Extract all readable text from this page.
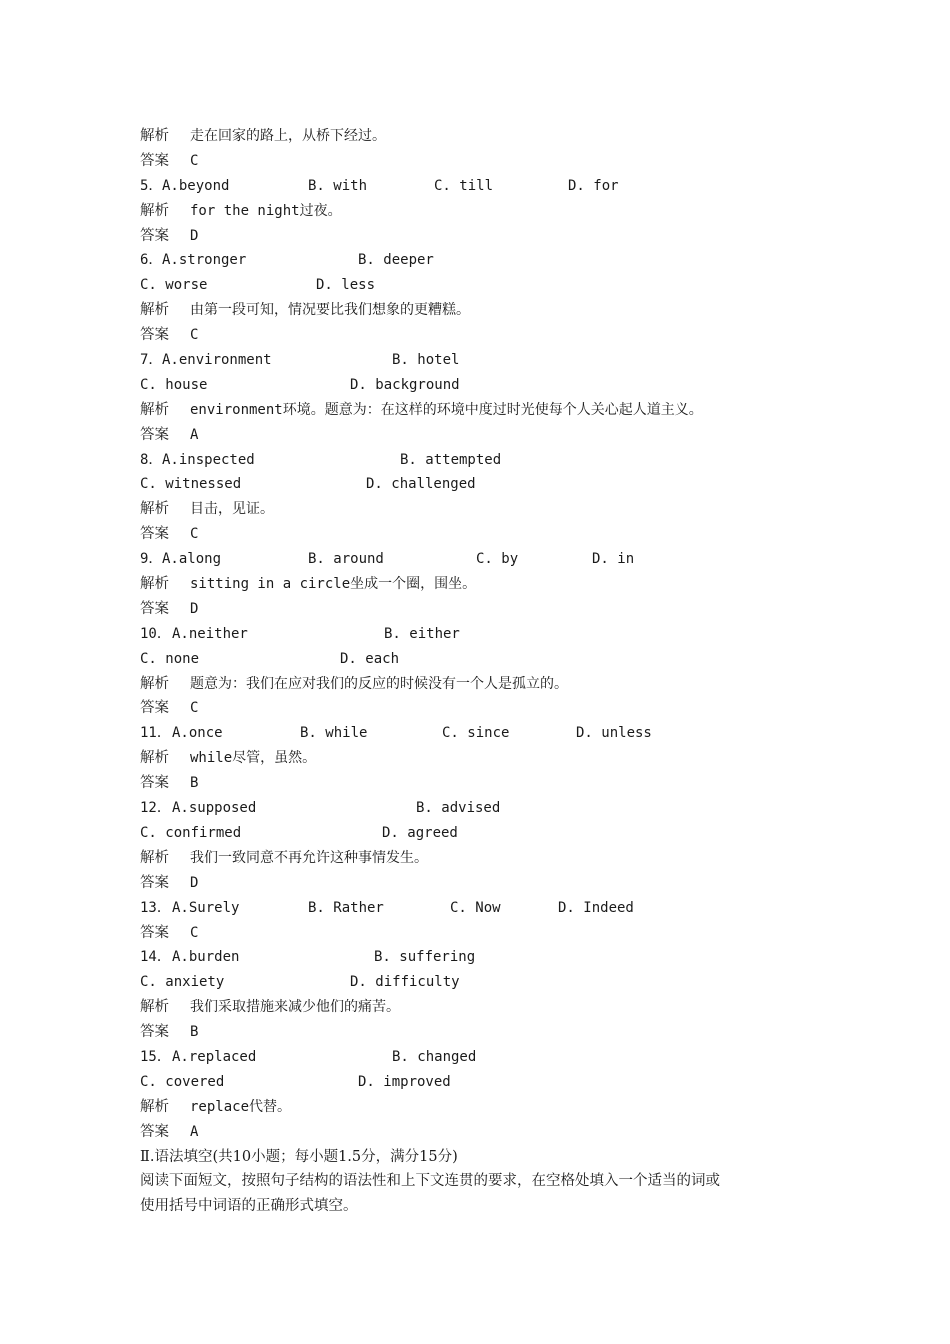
解析 走在回家的路上，从桥下经过。
答案 C
5． A.beyond	B. with	C. till	D. for
解析 for the night过夜。
答案 D
6． A.stronger	B. deeper
C. worse	D. less
解析 由第一段可知，情况要比我们想象的更糟糕。
答案 C
7． A.environment	B. hotel
C. house	D. background
解析 environment环境。题意为：在这样的环境中度过时光使每个人关心起人道主义。
答案 A
8． A.inspected	B. attempted
C. witnessed	D. challenged
解析 目击，见证。
答案 C
9． A.along	B. around	C. by	D. in
解析 sitting in a circle坐成一个圈，围坐。
答案 D
10． A.neither	B. either
C. none	D. each
解析 题意为：我们在应对我们的反应的时候没有一个人是孤立的。
答案 C
11． A.once	B. while	C. since	D. unless
解析 while尽管，虽然。
答案 B
12． A.supposed	B. advised
C. confirmed	D. agreed
解析 我们一致同意不再允许这种事情发生。
答案 D
13． A.Surely	B. Rather	C. Now	D. Indeed
答案 C
14． A.burden	B. suffering
C. anxiety	D. difficulty
解析 我们采取措施来减少他们的痛苦。
答案 B
15． A.replaced	B. changed
C. covered	D. improved
解析 replace代替。
答案 A
Ⅱ.语法填空(共10小题；每小题1.5分，满分15分)
阅读下面短文，按照句子结构的语法性和上下文连贯的要求，在空格处填入一个适当的词或
使用括号中词语的正确形式填空。
